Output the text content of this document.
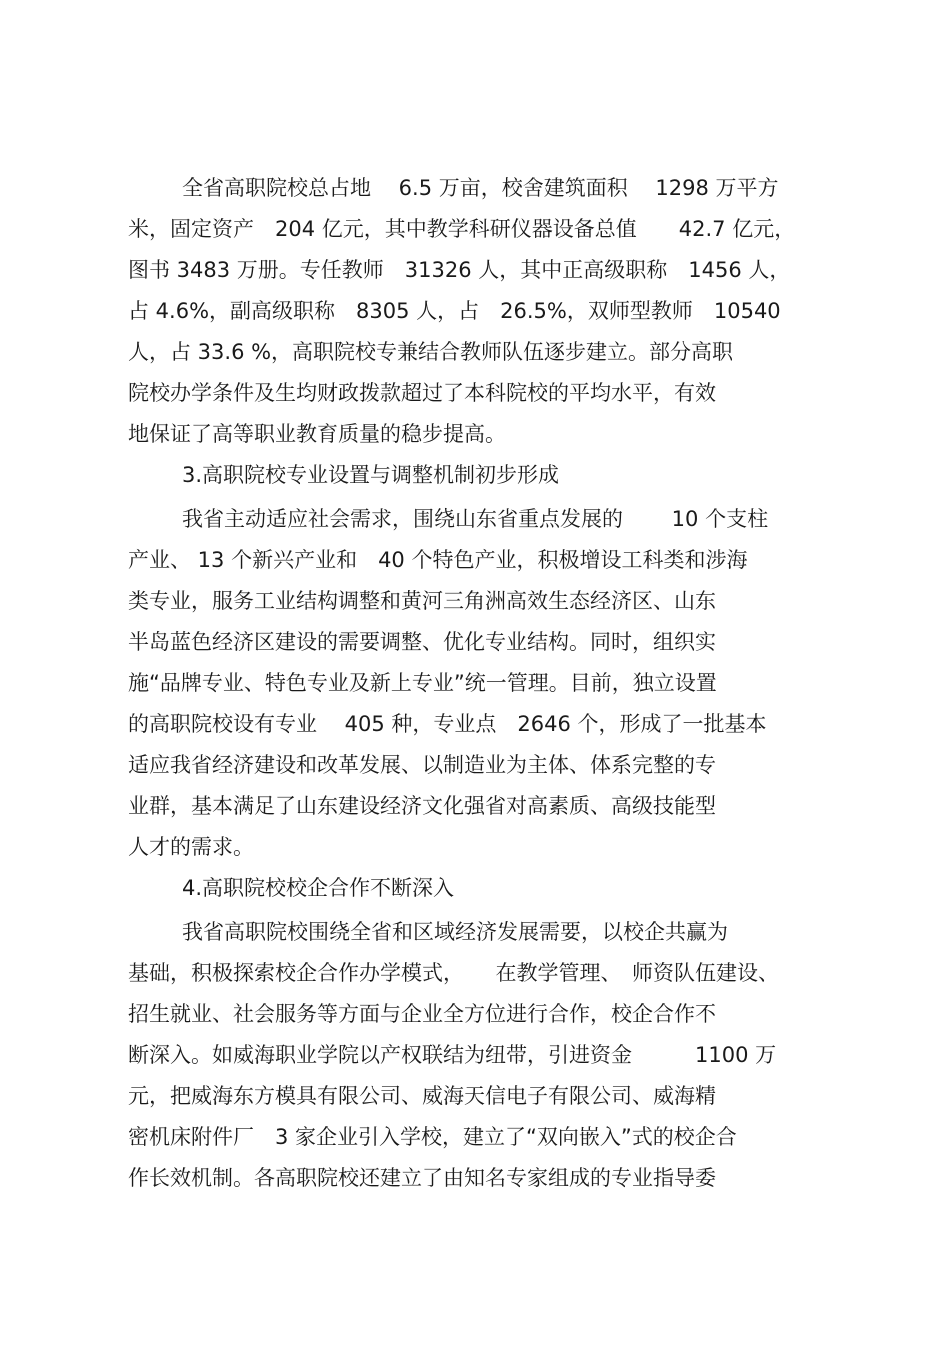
全省高职院校总占地　 6.5 万亩，校舍建筑面积　 1298 万平方
米，固定资产　204 亿元，其中教学科研仪器设备总值　　42.7 亿元，
图书 3483 万册。专任教师　31326 人，其中正高级职称　1456 人，
占 4.6%，副高级职称　8305 人，占　26.5%，双师型教师　10540
人，占 33.6 %，高职院校专兼结合教师队伍逐步建立。部分高职
院校办学条件及生均财政拨款超过了本科院校的平均水平，有效
地保证了高等职业教育质量的稳步提高。
3.高职院校专业设置与调整机制初步形成
我省主动适应社会需求，围绕山东省重点发展的　　 10 个支柱
产业、 13 个新兴产业和　40 个特色产业，积极增设工科类和涉海
类专业，服务工业结构调整和黄河三角洲高效生态经济区、山东
半岛蓝色经济区建设的需要调整、优化专业结构。同时，组织实
施“品牌专业、特色专业及新上专业”统一管理。目前，独立设置
的高职院校设有专业　 405 种，专业点　2646 个，形成了一批基本
适应我省经济建设和改革发展、以制造业为主体、体系完整的专
业群，基本满足了山东建设经济文化强省对高素质、高级技能型
人才的需求。
4.高职院校校企合作不断深入
我省高职院校围绕全省和区域经济发展需要，以校企共赢为
基础，积极探索校企合作办学模式，　　在教学管理、　师资队伍建设、
招生就业、社会服务等方面与企业全方位进行合作，校企合作不
断深入。如威海职业学院以产权联结为纽带，引进资金　　　1100 万
元，把威海东方模具有限公司、威海天信电子有限公司、威海精
密机床附件厂　3 家企业引入学校，建立了“双向嵌入”式的校企合
作长效机制。各高职院校还建立了由知名专家组成的专业指导委
